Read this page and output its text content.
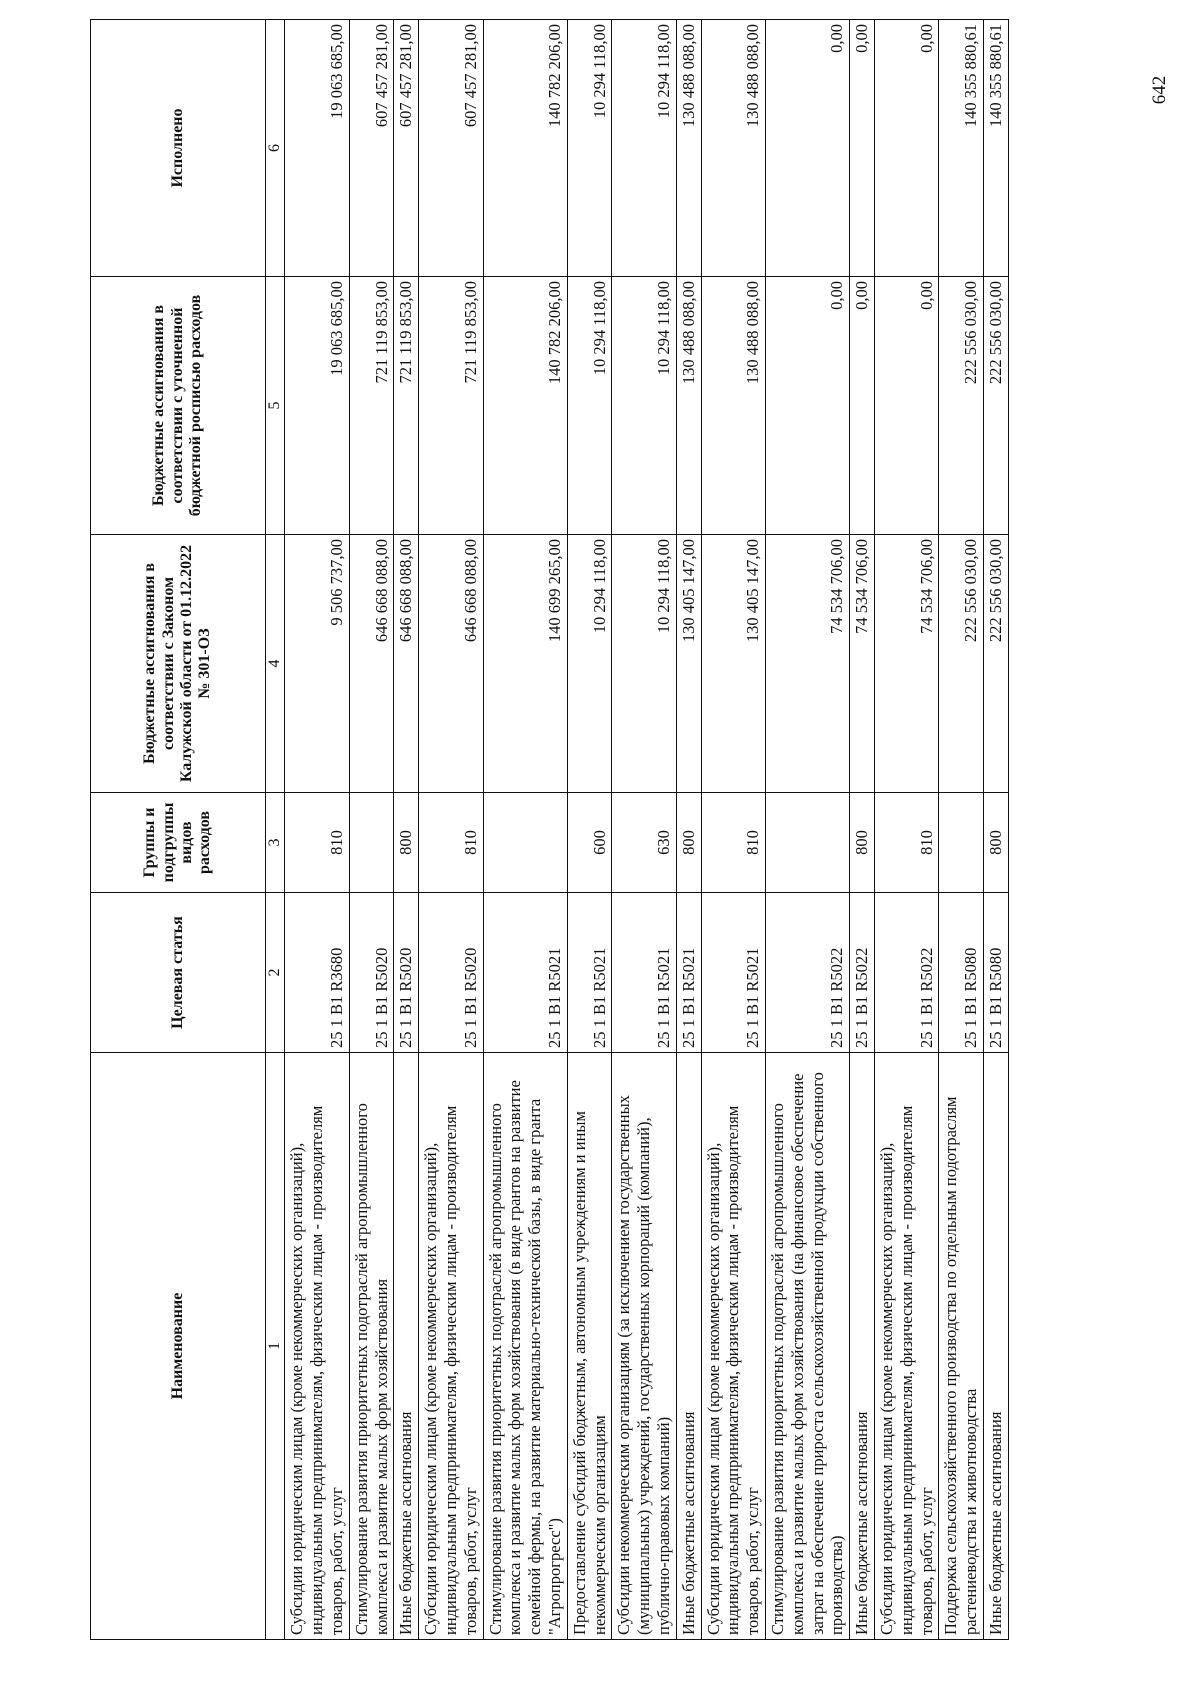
642
Наименование	Целевая статья	Группы и подгруппы видов расходов	Бюджетные ассигнования в соответствии с Законом Калужской области от 01.12.2022 № 301-ОЗ	Бюджетные ассигнования в соответствии с уточненной бюджетной росписью расходов	Исполнено
1	2	3	4	5	6
Субсидии юридическим лицам (кроме некоммерческих организаций), индивидуальным предпринимателям, физическим лицам - производителям товаров, работ, услуг	25 1 B1 R3680	810	9 506 737,00	19 063 685,00	19 063 685,00
Стимулирование развития приоритетных подотраслей агропромышленного комплекса и развитие малых форм хозяйствования	25 1 B1 R5020		646 668 088,00	721 119 853,00	607 457 281,00
Иные бюджетные ассигнования	25 1 B1 R5020	800	646 668 088,00	721 119 853,00	607 457 281,00
Субсидии юридическим лицам (кроме некоммерческих организаций), индивидуальным предпринимателям, физическим лицам - производителям товаров, работ, услуг	25 1 B1 R5020	810	646 668 088,00	721 119 853,00	607 457 281,00
Стимулирование развития приоритетных подотраслей агропромышленного комплекса и развитие малых форм хозяйствования (в виде грантов на развитие семейной фермы, на развитие материально-технической базы, в виде гранта "Агропрогресс")	25 1 B1 R5021		140 699 265,00	140 782 206,00	140 782 206,00
Предоставление субсидий бюджетным, автономным учреждениям и иным некоммерческим организациям	25 1 B1 R5021	600	10 294 118,00	10 294 118,00	10 294 118,00
Субсидии некоммерческим организациям (за исключением государственных (муниципальных) учреждений, государственных корпораций (компаний), публично-правовых компаний)	25 1 B1 R5021	630	10 294 118,00	10 294 118,00	10 294 118,00
Иные бюджетные ассигнования	25 1 B1 R5021	800	130 405 147,00	130 488 088,00	130 488 088,00
Субсидии юридическим лицам (кроме некоммерческих организаций), индивидуальным предпринимателям, физическим лицам - производителям товаров, работ, услуг	25 1 B1 R5021	810	130 405 147,00	130 488 088,00	130 488 088,00
Стимулирование развития приоритетных подотраслей агропромышленного комплекса и развитие малых форм хозяйствования (на финансовое обеспечение затрат на обеспечение прироста сельскохозяйственной продукции собственного производства)	25 1 B1 R5022		74 534 706,00	0,00	0,00
Иные бюджетные ассигнования	25 1 B1 R5022	800	74 534 706,00	0,00	0,00
Субсидии юридическим лицам (кроме некоммерческих организаций), индивидуальным предпринимателям, физическим лицам - производителям товаров, работ, услуг	25 1 B1 R5022	810	74 534 706,00	0,00	0,00
Поддержка сельскохозяйственного производства по отдельным подотраслям растениеводства и животноводства	25 1 B1 R5080		222 556 030,00	222 556 030,00	140 355 880,61
Иные бюджетные ассигнования	25 1 B1 R5080	800	222 556 030,00	222 556 030,00	140 355 880,61
